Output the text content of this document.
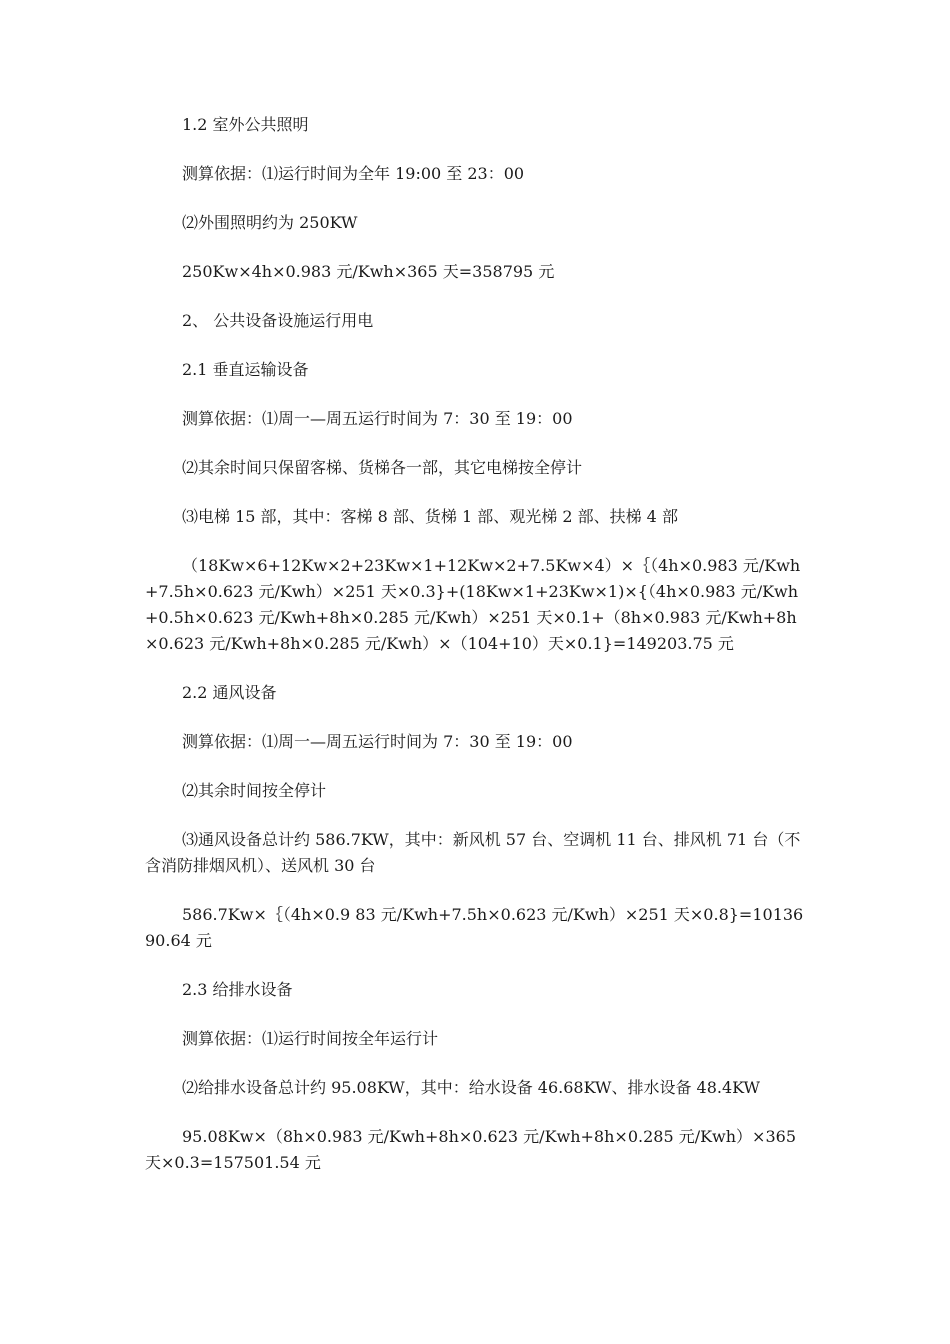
1.2 室外公共照明

测算依据：⑴运行时间为全年 19:00 至 23：00

⑵外围照明约为 250KW

250Kw×4h×0.983 元/Kwh×365 天=358795 元

2、 公共设备设施运行用电

2.1 垂直运输设备

测算依据：⑴周一—周五运行时间为 7：30 至 19：00

⑵其余时间只保留客梯、货梯各一部，其它电梯按全停计

⑶电梯 15 部，其中：客梯 8 部、货梯 1 部、观光梯 2 部、扶梯 4 部

（18Kw×6+12Kw×2+23Kw×1+12Kw×2+7.5Kw×4）×｛（4h×0.983 元/Kwh+7.5h×0.623 元/Kwh）×251 天×0.3}+(18Kw×1+23Kw×1)×{（4h×0.983 元/Kwh+0.5h×0.623 元/Kwh+8h×0.285 元/Kwh）×251 天×0.1+（8h×0.983 元/Kwh+8h×0.623 元/Kwh+8h×0.285 元/Kwh）×（104+10）天×0.1}=149203.75 元

2.2 通风设备

测算依据：⑴周一—周五运行时间为 7：30 至 19：00

⑵其余时间按全停计

⑶通风设备总计约 586.7KW，其中：新风机 57 台、空调机 11 台、排风机 71 台（不含消防排烟风机）、送风机 30 台

586.7Kw×｛（4h×0.9 83 元/Kwh+7.5h×0.623 元/Kwh）×251 天×0.8}=1013690.64 元

2.3 给排水设备

测算依据：⑴运行时间按全年运行计

⑵给排水设备总计约 95.08KW，其中：给水设备 46.68KW、排水设备 48.4KW

95.08Kw×（8h×0.983 元/Kwh+8h×0.623 元/Kwh+8h×0.285 元/Kwh）×365 天×0.3=157501.54 元
